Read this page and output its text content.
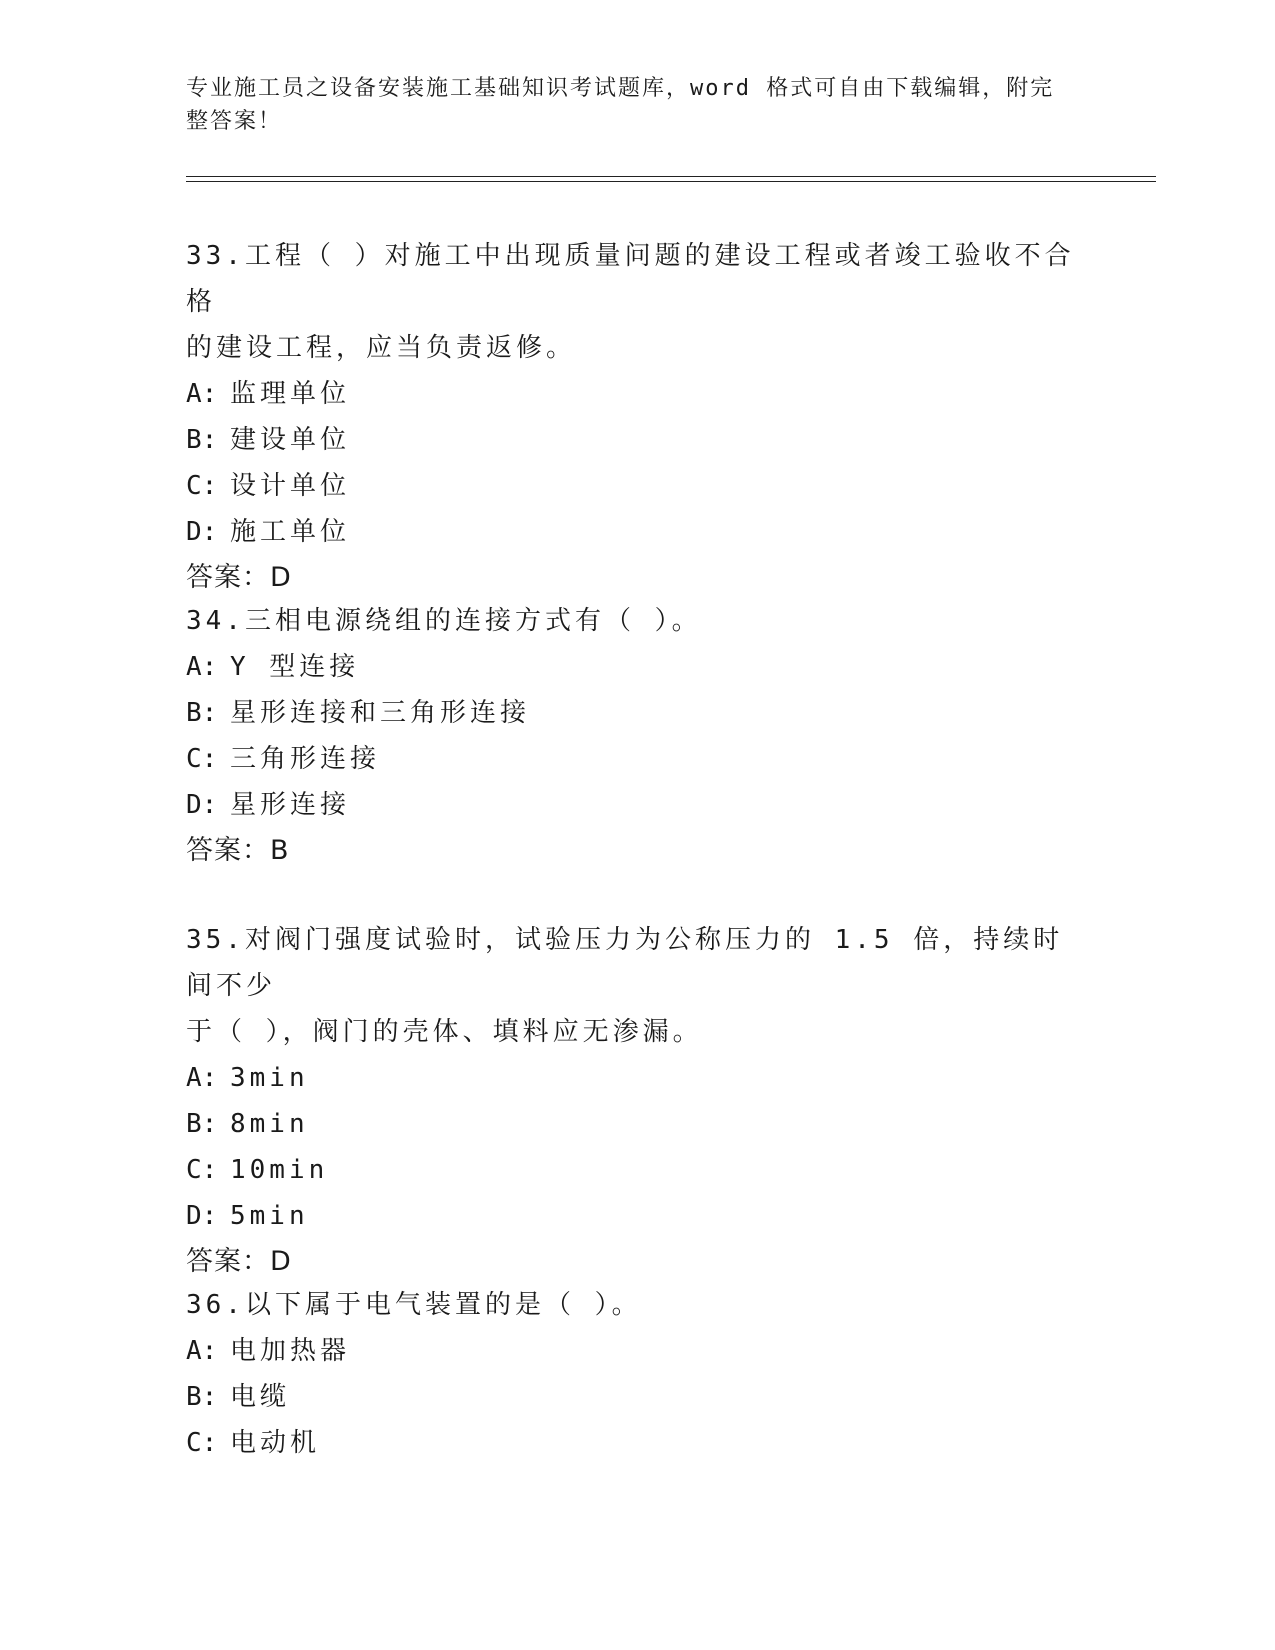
专业施工员之设备安装施工基础知识考试题库，word 格式可自由下载编辑，附完
整答案！

33.工程（ ）对施工中出现质量问题的建设工程或者竣工验收不合格

的建设工程，应当负责返修。

A: 监理单位

B: 建设单位

C: 设计单位

D: 施工单位

答案：D

34.三相电源绕组的连接方式有（ ）。

A: Y 型连接

B: 星形连接和三角形连接

C: 三角形连接

D: 星形连接

答案：B

35.对阀门强度试验时，试验压力为公称压力的 1.5 倍，持续时间不少

于（ ），阀门的壳体、填料应无渗漏。

A: 3min

B: 8min

C: 10min

D: 5min

答案：D

36.以下属于电气装置的是（ ）。

A: 电加热器

B: 电缆

C: 电动机
